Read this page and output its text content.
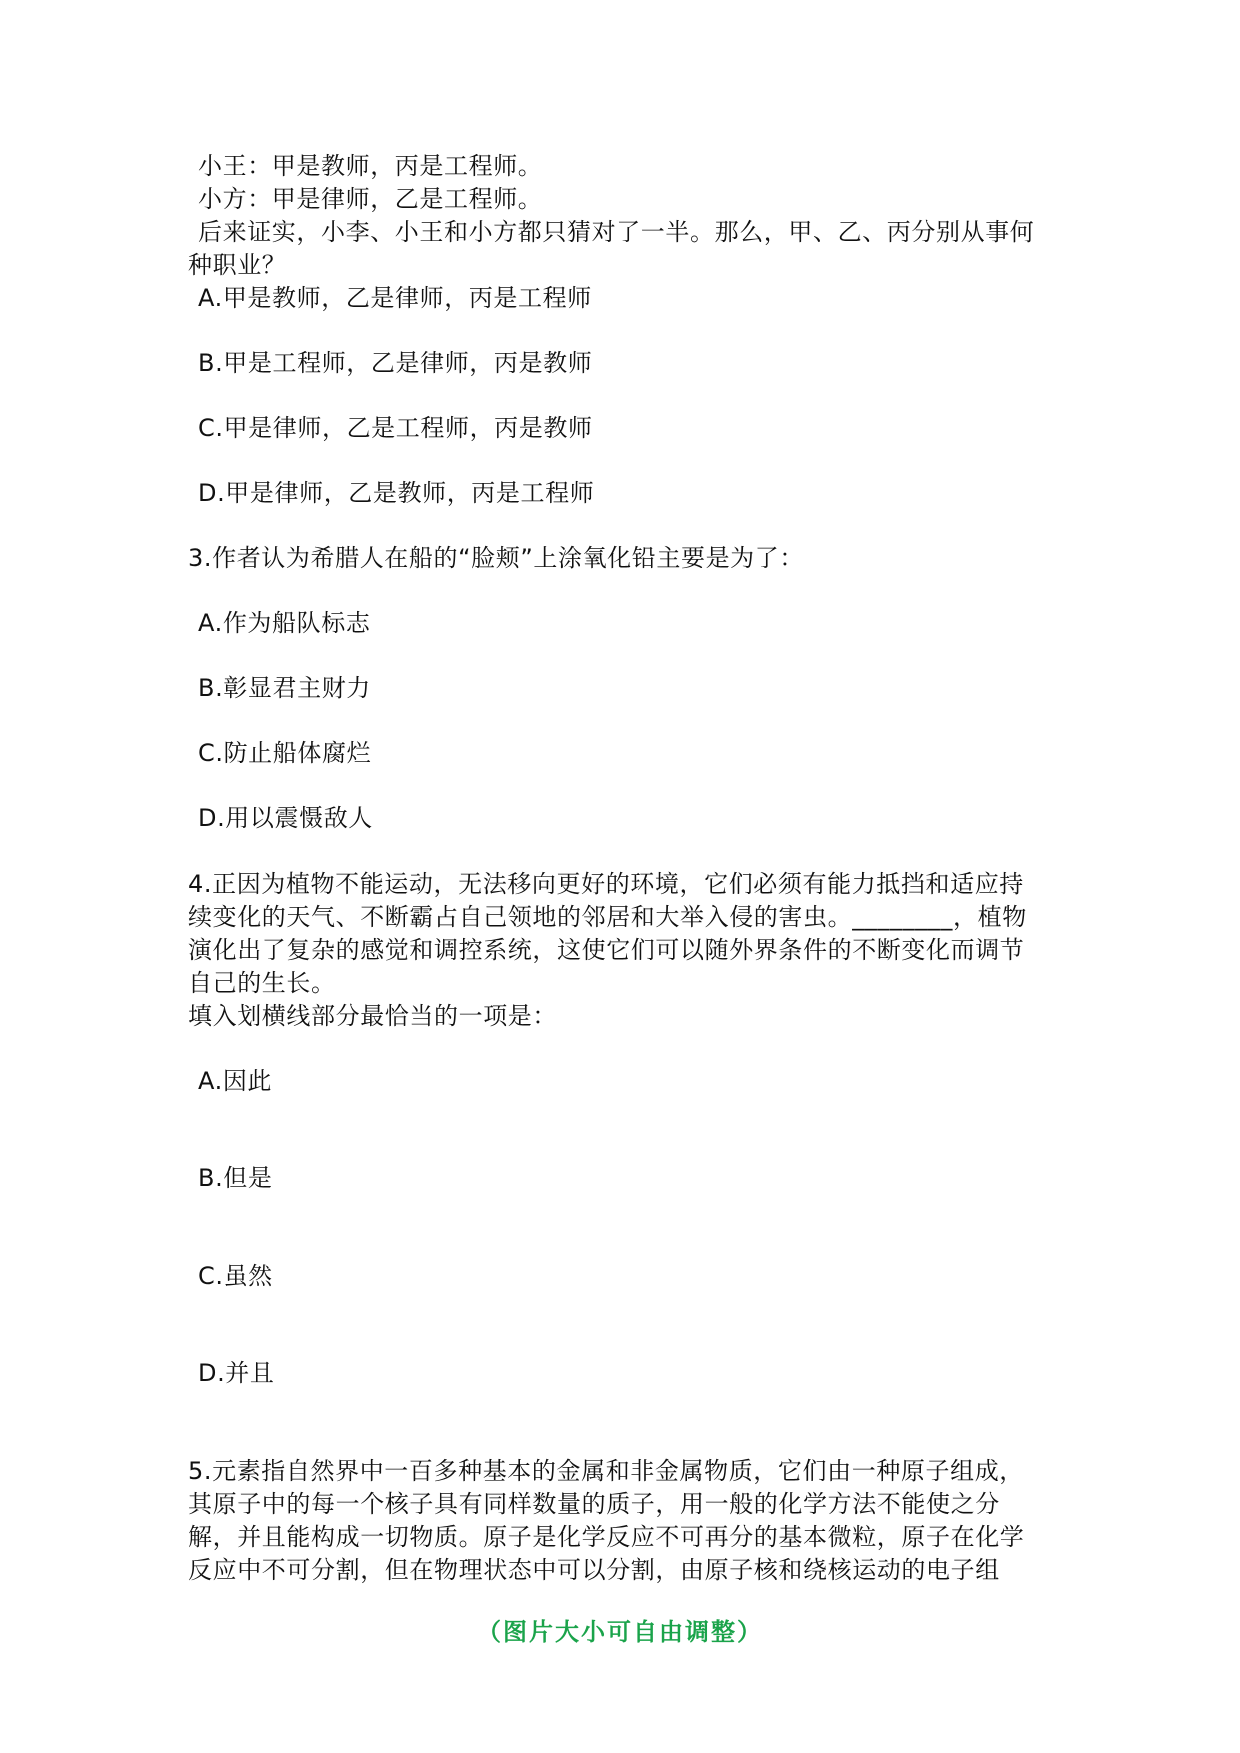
小王：甲是教师，丙是工程师。

小方：甲是律师，乙是工程师。

后来证实，小李、小王和小方都只猜对了一半。那么，甲、乙、丙分别从事何

种职业？

A.甲是教师，乙是律师，丙是工程师

B.甲是工程师，乙是律师，丙是教师

C.甲是律师，乙是工程师，丙是教师

D.甲是律师，乙是教师，丙是工程师

3.作者认为希腊人在船的“脸颊”上涂氧化铅主要是为了：

A.作为船队标志

B.彰显君主财力

C.防止船体腐烂

D.用以震慑敌人

4.正因为植物不能运动，无法移向更好的环境，它们必须有能力抵挡和适应持

续变化的天气、不断霸占自己领地的邻居和大举入侵的害虫。________，植物

演化出了复杂的感觉和调控系统，这使它们可以随外界条件的不断变化而调节

自己的生长。

填入划横线部分最恰当的一项是：

A.因此

B.但是

C.虽然

D.并且

5.元素指自然界中一百多种基本的金属和非金属物质，它们由一种原子组成，

其原子中的每一个核子具有同样数量的质子，用一般的化学方法不能使之分

解，并且能构成一切物质。原子是化学反应不可再分的基本微粒，原子在化学

反应中不可分割，但在物理状态中可以分割，由原子核和绕核运动的电子组

（图片大小可自由调整）
